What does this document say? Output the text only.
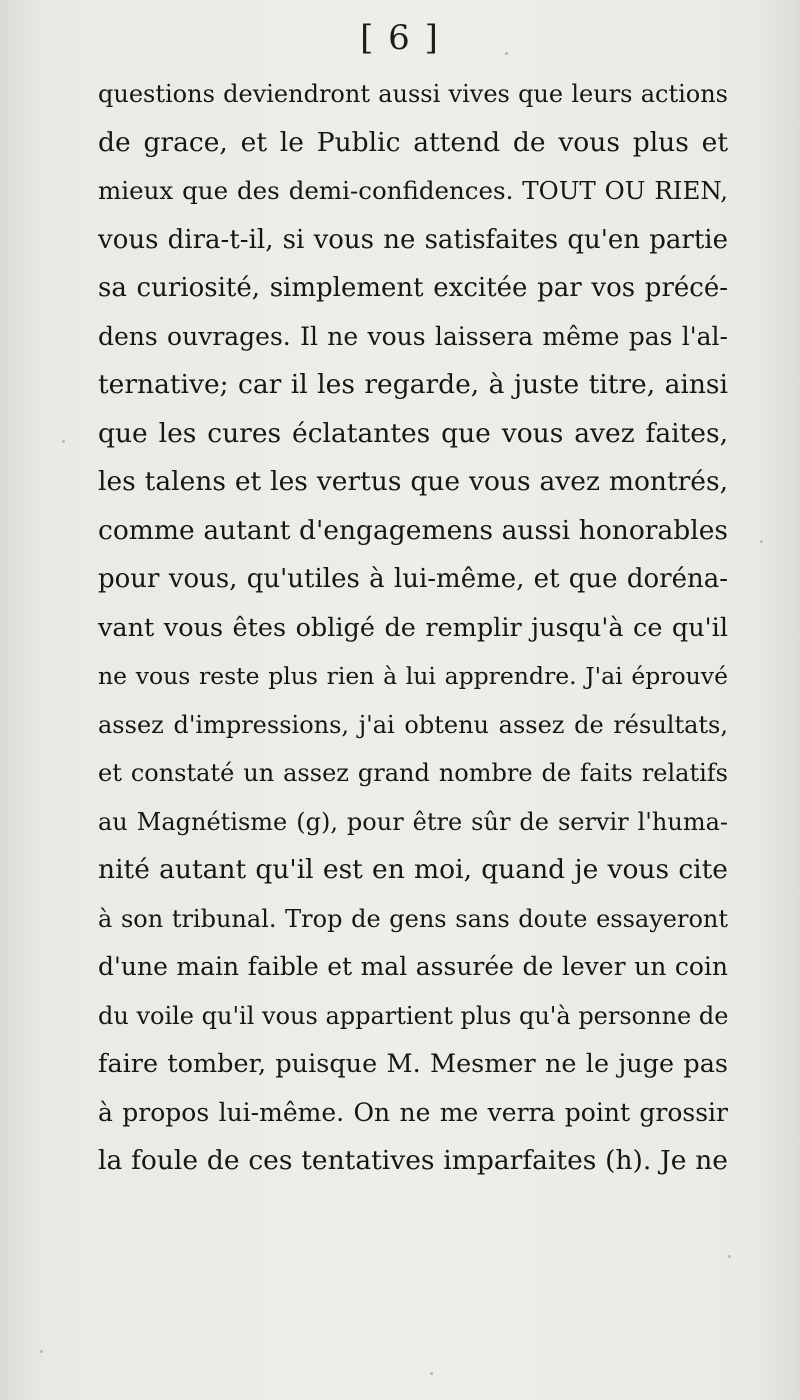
[ 6 ]
questions deviendront aussi vives que leurs actions
de grace, et le Public attend de vous plus et
mieux que des demi-confidences. TOUT OU RIEN,
vous dira-t-il, si vous ne satisfaites qu'en partie
sa curiosité, simplement excitée par vos précé-
dens ouvrages. Il ne vous laissera même pas l'al-
ternative; car il les regarde, à juste titre, ainsi
que les cures éclatantes que vous avez faites,
les talens et les vertus que vous avez montrés,
comme autant d'engagemens aussi honorables
pour vous, qu'utiles à lui-même, et que doréna-
vant vous êtes obligé de remplir jusqu'à ce qu'il
ne vous reste plus rien à lui apprendre. J'ai éprouvé
assez d'impressions, j'ai obtenu assez de résultats,
et constaté un assez grand nombre de faits relatifs
au Magnétisme (g), pour être sûr de servir l'huma-
nité autant qu'il est en moi, quand je vous cite
à son tribunal. Trop de gens sans doute essayeront
d'une main faible et mal assurée de lever un coin
du voile qu'il vous appartient plus qu'à personne de
faire tomber, puisque M. Mesmer ne le juge pas
à propos lui-même. On ne me verra point grossir
la foule de ces tentatives imparfaites (h). Je ne
